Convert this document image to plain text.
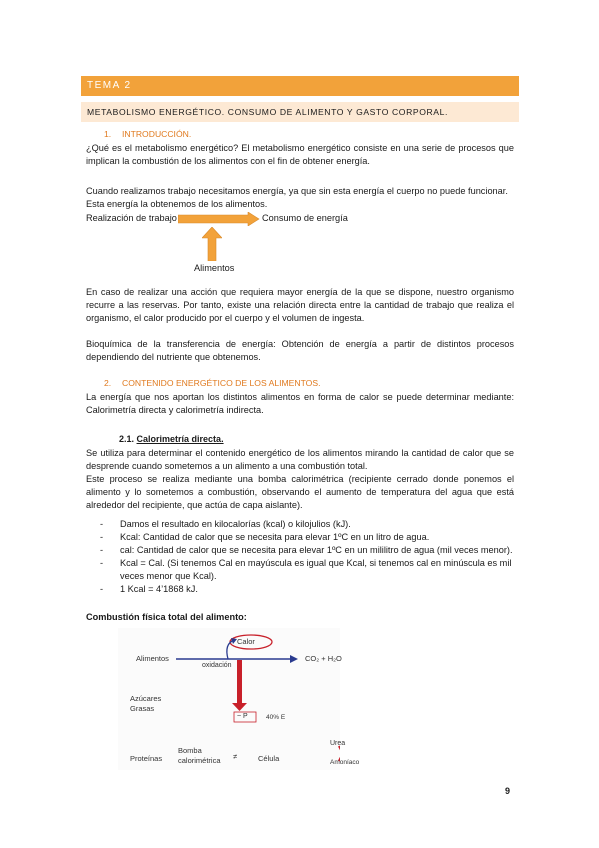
TEMA 2
METABOLISMO ENERGÉTICO. CONSUMO DE ALIMENTO Y GASTO CORPORAL.
1. INTRODUCCIÓN.

¿Qué es el metabolismo energético? El metabolismo energético consiste en una serie de procesos que implican la combustión de los alimentos con el fin de obtener energía.

Cuando realizamos trabajo necesitamos energía, ya que sin esta energía el cuerpo no puede funcionar.

Esta energía la obtenemos de los alimentos.

Realización de trabajo	Consumo de energía
Alimentos

En caso de realizar una acción que requiera mayor energía de la que se dispone, nuestro organismo recurre a las reservas. Por tanto, existe una relación directa entre la cantidad de trabajo que realiza el organismo, el calor producido por el cuerpo y el volumen de ingesta.

Bioquímica de la transferencia de energía: Obtención de energía a partir de distintos procesos dependiendo del nutriente que obtenemos.

2. CONTENIDO ENERGÉTICO DE LOS ALIMENTOS.

La energía que nos aportan los distintos alimentos en forma de calor se puede determinar mediante: Calorimetría directa y calorimetría indirecta.

2.1. Calorimetría directa.

Se utiliza para determinar el contenido energético de los alimentos mirando la cantidad de calor que se desprende cuando sometemos a un alimento a una combustión total.

Este proceso se realiza mediante una bomba calorimétrica (recipiente cerrado donde ponemos el alimento y lo sometemos a combustión, observando el aumento de temperatura del agua que está alrededor del recipiente, que actúa de capa aislante).

- Damos el resultado en kilocalorías (kcal) o kilojulios (kJ).
- Kcal: Cantidad de calor que se necesita para elevar 1ºC en un litro de agua.
- cal: Cantidad de calor que se necesita para elevar 1ºC en un mililitro de agua (mil veces menor).
- Kcal = Cal. (Si tenemos Cal en mayúscula es igual que Kcal, si tenemos cal en minúscula es mil veces menor que Kcal).
- 1 Kcal = 4’1868 kJ.
Combustión física total del alimento:
Calor
Alimentos
oxidación
CO₂ + H₂O
Azúcares
Grasas
~ P	40% E
Proteínas
Bomba
calorimétrica ≠	Célula
Urea
Amoníaco
9
